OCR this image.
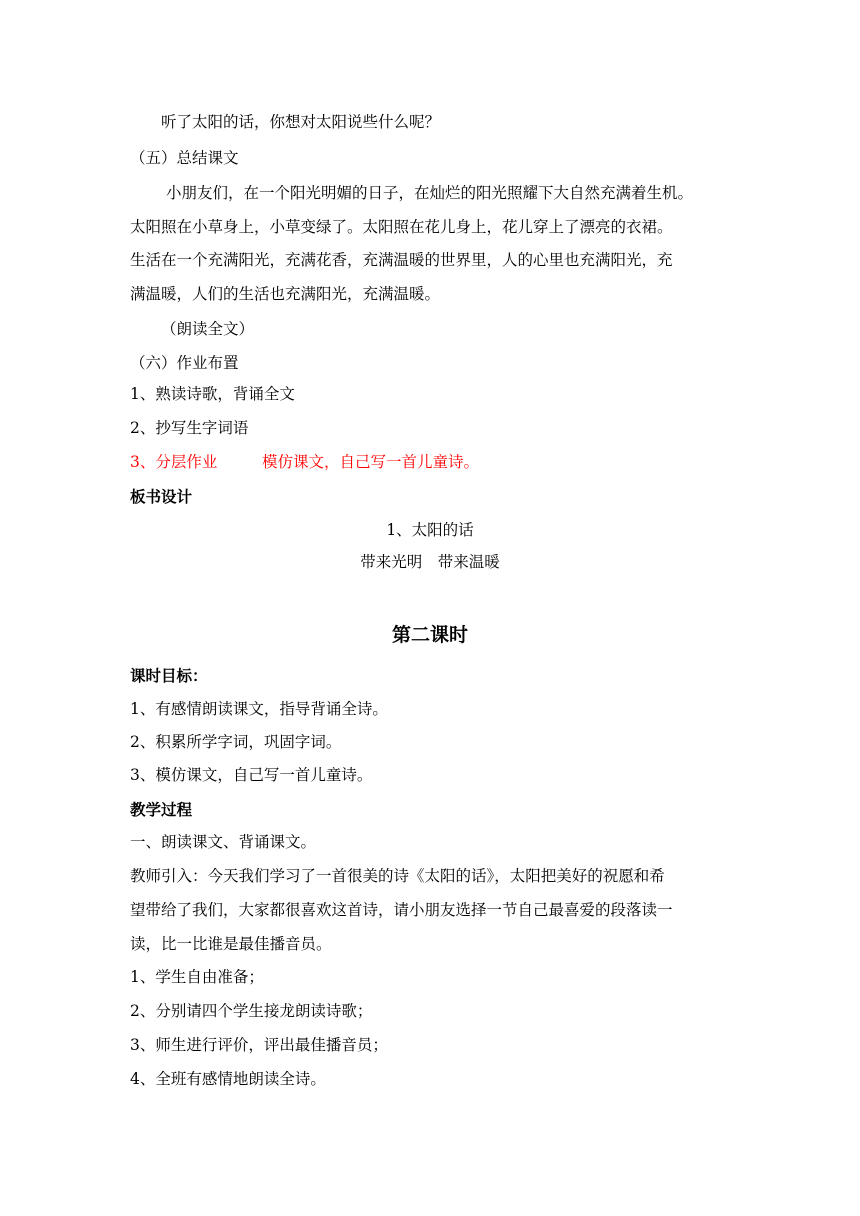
听了太阳的话，你想对太阳说些什么呢？
（五）总结课文
小朋友们，在一个阳光明媚的日子，在灿烂的阳光照耀下大自然充满着生机。
太阳照在小草身上，小草变绿了。太阳照在花儿身上，花儿穿上了漂亮的衣裙。
生活在一个充满阳光，充满花香，充满温暖的世界里，人的心里也充满阳光，充
满温暖，人们的生活也充满阳光，充满温暖。
（朗读全文）
（六）作业布置
1、熟读诗歌，背诵全文
2、抄写生字词语
3、分层作业	模仿课文，自己写一首儿童诗。
板书设计
1、太阳的话
带来光明　带来温暖
第二课时
课时目标：
1、有感情朗读课文，指导背诵全诗。
2、积累所学字词，巩固字词。
3、模仿课文，自己写一首儿童诗。
教学过程
一、朗读课文、背诵课文。
教师引入：今天我们学习了一首很美的诗《太阳的话》，太阳把美好的祝愿和希
望带给了我们，大家都很喜欢这首诗，请小朋友选择一节自己最喜爱的段落读一
读，比一比谁是最佳播音员。
1、学生自由准备；
2、分别请四个学生接龙朗读诗歌；
3、师生进行评价，评出最佳播音员；
4、全班有感情地朗读全诗。
